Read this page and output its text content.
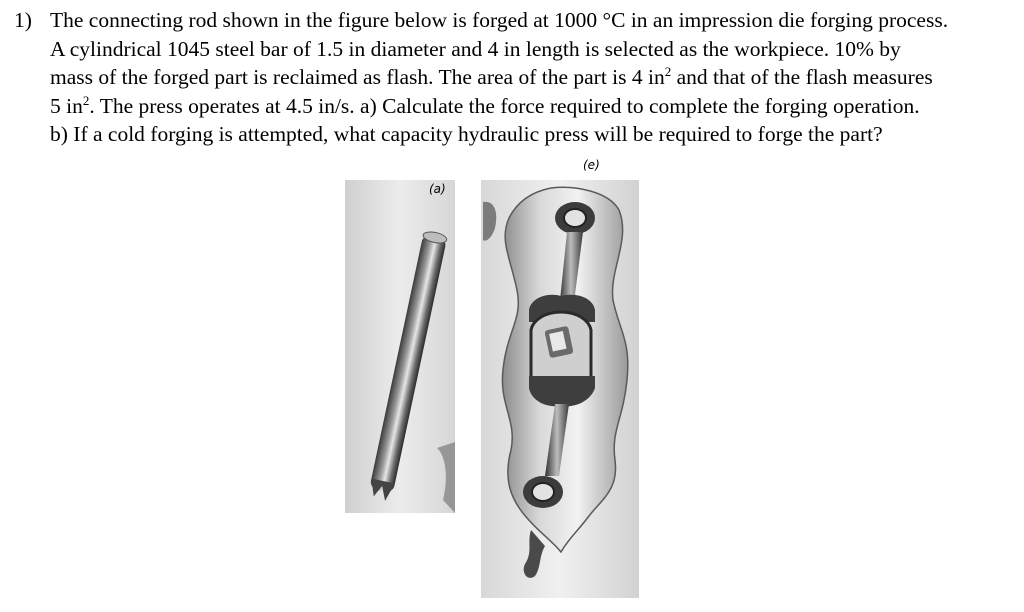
1) The connecting rod shown in the figure below is forged at 1000 °C in an impression die forging process.
A cylindrical 1045 steel bar of 1.5 in diameter and 4 in length is selected as the workpiece. 10% by
mass of the forged part is reclaimed as flash. The area of the part is 4 $in^2$ and that of the flash measures
5 $in^2$. The press operates at 4.5 in/s. a) Calculate the force required to complete the forging operation.
b) If a cold forging is attempted, what capacity hydraulic press will be required to forge the part?
(e)
(a)
